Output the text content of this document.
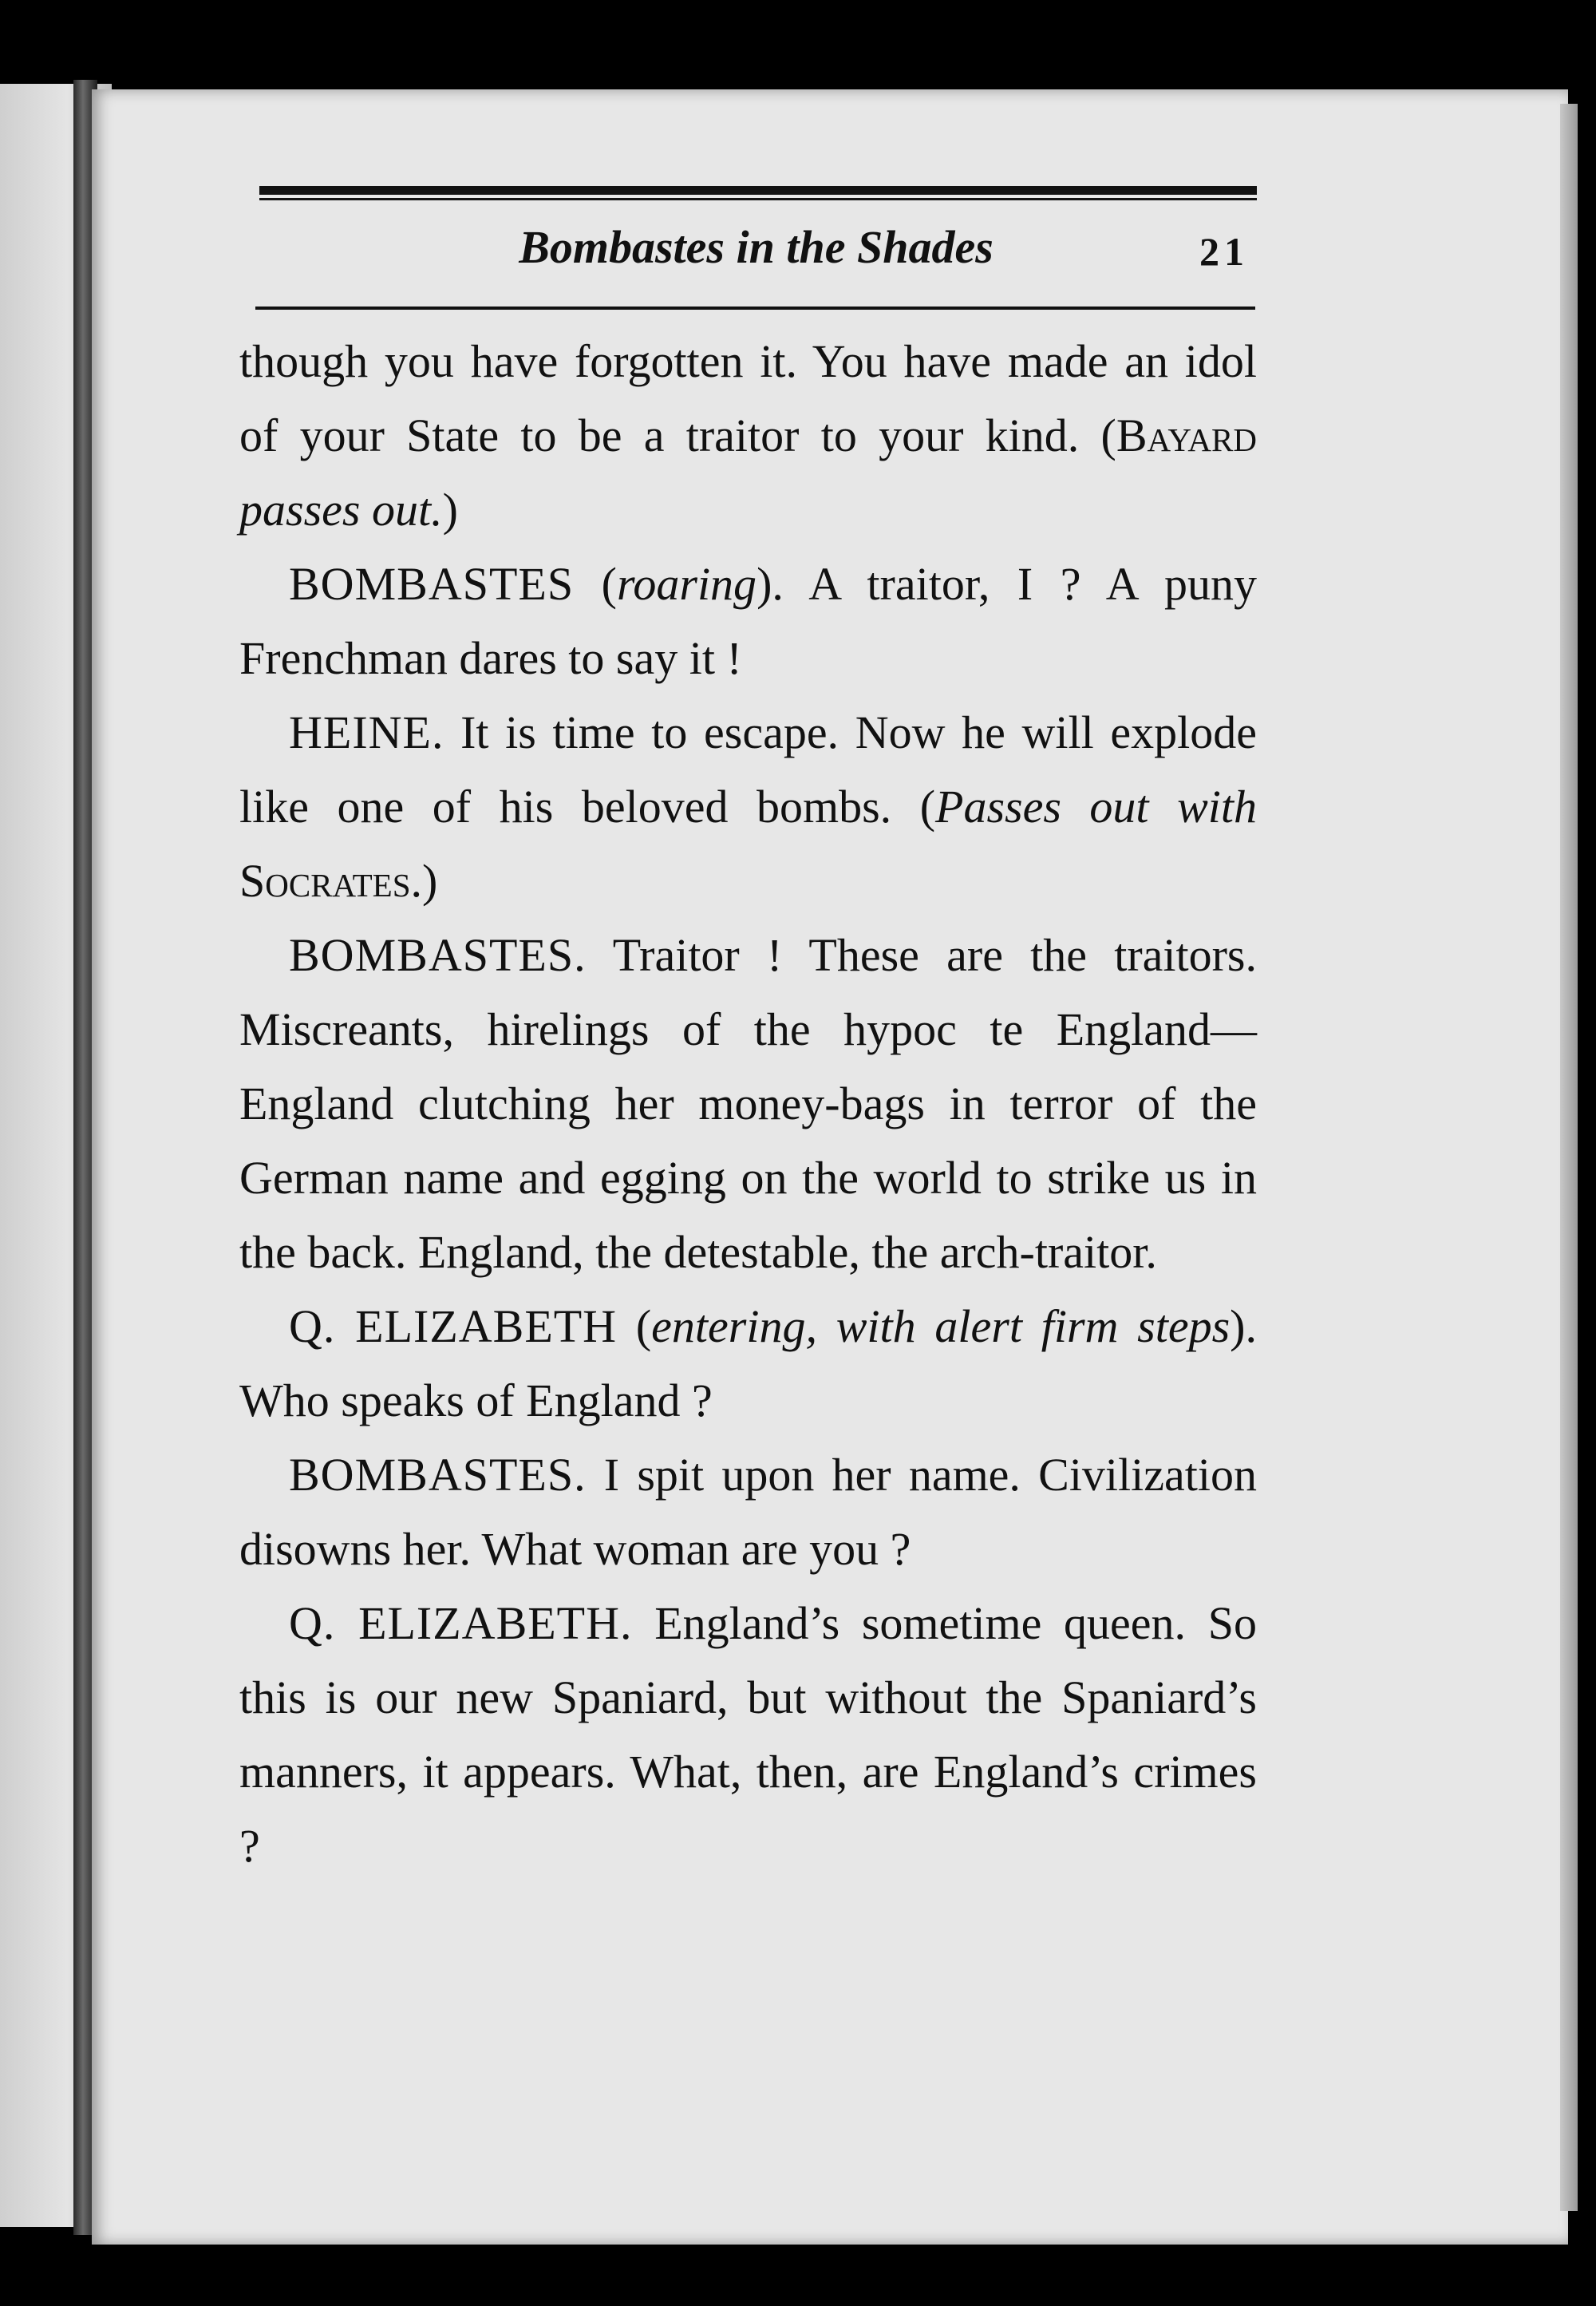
Bombastes in the Shades	21

though you have forgotten it. You have made an idol of your State to be a traitor to your kind. (Bayard passes out.)

BOMBASTES (roaring). A traitor, I ? A puny Frenchman dares to say it !

HEINE. It is time to escape. Now he will explode like one of his beloved bombs. (Passes out with Socrates.)

BOMBASTES. Traitor ! These are the traitors. Miscreants, hirelings of the hypoc te England—England clutching her money-bags in terror of the German name and egging on the world to strike us in the back. England, the detestable, the arch-traitor.

Q. ELIZABETH (entering, with alert firm steps). Who speaks of England ?

BOMBASTES. I spit upon her name. Civilization disowns her. What woman are you ?

Q. ELIZABETH. England’s sometime queen. So this is our new Spaniard, but without the Spaniard’s manners, it appears. What, then, are England’s crimes ?
